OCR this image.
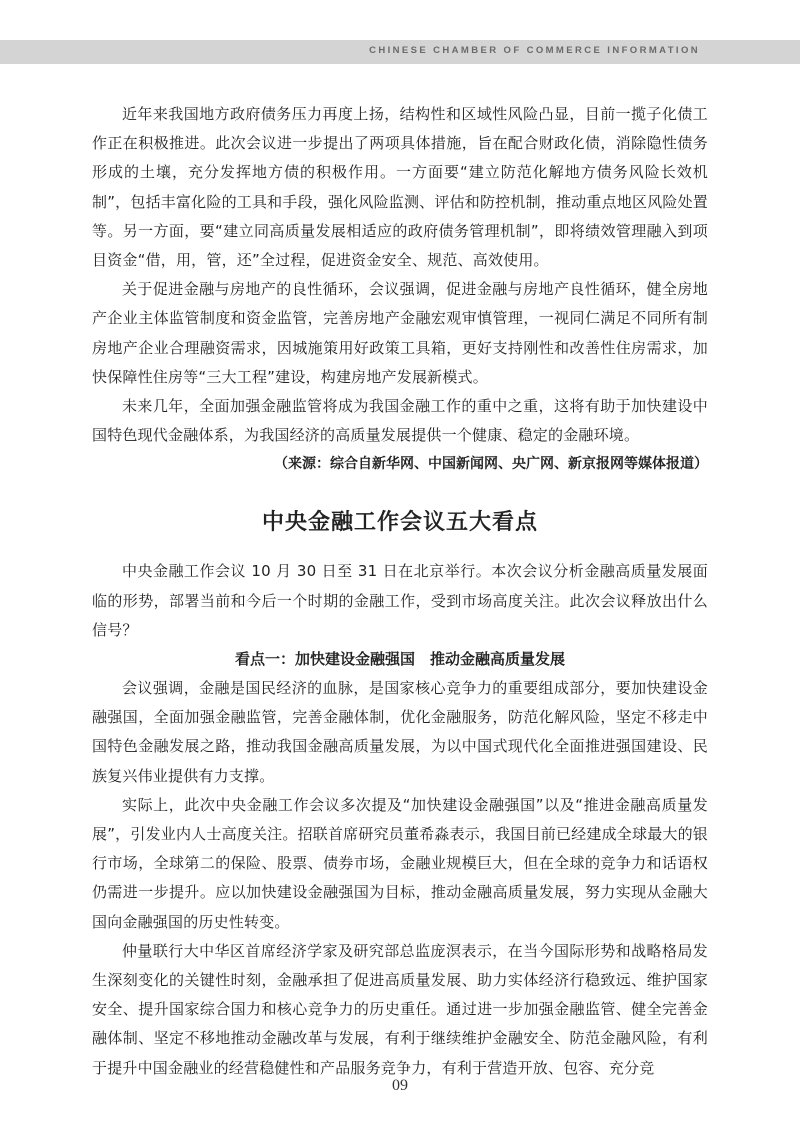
CHINESE CHAMBER OF COMMERCE INFORMATION

近年来我国地方政府债务压力再度上扬，结构性和区域性风险凸显，目前一揽子化债工作正在积极推进。此次会议进一步提出了两项具体措施，旨在配合财政化债，消除隐性债务形成的土壤，充分发挥地方债的积极作用。一方面要“建立防范化解地方债务风险长效机制”，包括丰富化险的工具和手段，强化风险监测、评估和防控机制，推动重点地区风险处置等。另一方面，要“建立同高质量发展相适应的政府债务管理机制”，即将绩效管理融入到项目资金“借，用，管，还”全过程，促进资金安全、规范、高效使用。

关于促进金融与房地产的良性循环，会议强调，促进金融与房地产良性循环，健全房地产企业主体监管制度和资金监管，完善房地产金融宏观审慎管理，一视同仁满足不同所有制房地产企业合理融资需求，因城施策用好政策工具箱，更好支持刚性和改善性住房需求，加快保障性住房等“三大工程”建设，构建房地产发展新模式。

未来几年，全面加强金融监管将成为我国金融工作的重中之重，这将有助于加快建设中国特色现代金融体系，为我国经济的高质量发展提供一个健康、稳定的金融环境。

（来源：综合自新华网、中国新闻网、央广网、新京报网等媒体报道）

中央金融工作会议五大看点

中央金融工作会议 10 月 30 日至 31 日在北京举行。本次会议分析金融高质量发展面临的形势，部署当前和今后一个时期的金融工作，受到市场高度关注。此次会议释放出什么信号？

看点一：加快建设金融强国　推动金融高质量发展

会议强调，金融是国民经济的血脉，是国家核心竞争力的重要组成部分，要加快建设金融强国，全面加强金融监管，完善金融体制，优化金融服务，防范化解风险，坚定不移走中国特色金融发展之路，推动我国金融高质量发展，为以中国式现代化全面推进强国建设、民族复兴伟业提供有力支撑。

实际上，此次中央金融工作会议多次提及“加快建设金融强国”以及“推进金融高质量发展”，引发业内人士高度关注。招联首席研究员董希淼表示，我国目前已经建成全球最大的银行市场，全球第二的保险、股票、债券市场，金融业规模巨大，但在全球的竞争力和话语权仍需进一步提升。应以加快建设金融强国为目标，推动金融高质量发展，努力实现从金融大国向金融强国的历史性转变。

仲量联行大中华区首席经济学家及研究部总监庞溟表示，在当今国际形势和战略格局发生深刻变化的关键性时刻，金融承担了促进高质量发展、助力实体经济行稳致远、维护国家安全、提升国家综合国力和核心竞争力的历史重任。通过进一步加强金融监管、健全完善金融体制、坚定不移地推动金融改革与发展，有利于继续维护金融安全、防范金融风险，有利于提升中国金融业的经营稳健性和产品服务竞争力，有利于营造开放、包容、充分竞

09
